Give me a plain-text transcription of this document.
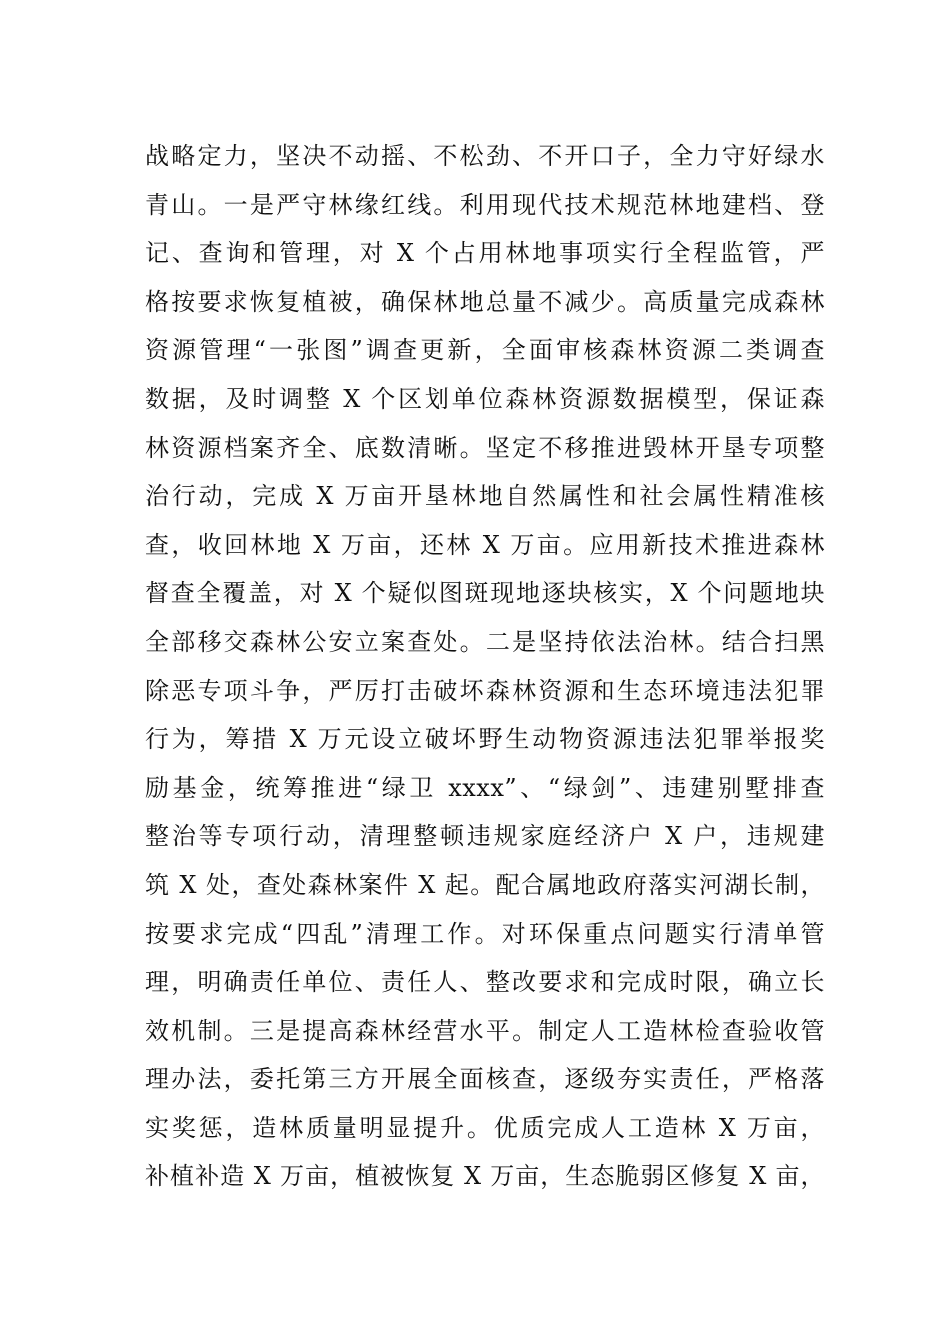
战略定力，坚决不动摇、不松劲、不开口子，全力守好绿水
青山。一是严守林缘红线。利用现代技术规范林地建档、登
记、查询和管理，对 X 个占用林地事项实行全程监管，严
格按要求恢复植被，确保林地总量不减少。高质量完成森林
资源管理“一张图”调查更新，全面审核森林资源二类调查
数据，及时调整 X 个区划单位森林资源数据模型，保证森
林资源档案齐全、底数清晰。坚定不移推进毁林开垦专项整
治行动，完成 X 万亩开垦林地自然属性和社会属性精准核
查，收回林地 X 万亩，还林 X 万亩。应用新技术推进森林
督查全覆盖，对 X 个疑似图斑现地逐块核实，X 个问题地块
全部移交森林公安立案查处。二是坚持依法治林。结合扫黑
除恶专项斗争，严厉打击破坏森林资源和生态环境违法犯罪
行为，筹措 X 万元设立破坏野生动物资源违法犯罪举报奖
励基金，统筹推进“绿卫 xxxx”、“绿剑”、违建别墅排查
整治等专项行动，清理整顿违规家庭经济户 X 户，违规建
筑 X 处，查处森林案件 X 起。配合属地政府落实河湖长制，
按要求完成“四乱”清理工作。对环保重点问题实行清单管
理，明确责任单位、责任人、整改要求和完成时限，确立长
效机制。三是提高森林经营水平。制定人工造林检查验收管
理办法，委托第三方开展全面核查，逐级夯实责任，严格落
实奖惩，造林质量明显提升。优质完成人工造林 X 万亩，
补植补造 X 万亩，植被恢复 X 万亩，生态脆弱区修复 X 亩，
